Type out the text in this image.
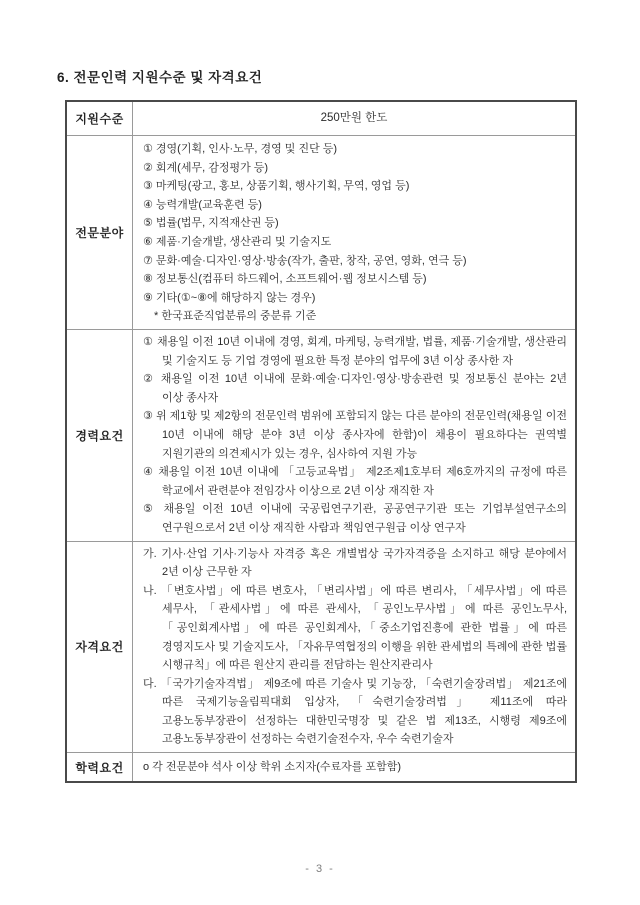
6. 전문인력 지원수준 및 자격요건
지원수준	250만원 한도
전문분야
① 경영(기획, 인사·노무, 경영 및 진단 등)
② 회계(세무, 감정평가 등)
③ 마케팅(광고, 홍보, 상품기획, 행사기획, 무역, 영업 등)
④ 능력개발(교육훈련 등)
⑤ 법률(법무, 지적재산권 등)
⑥ 제품·기술개발, 생산관리 및 기술지도
⑦ 문화·예술·디자인·영상·방송(작가, 출판, 창작, 공연, 영화, 연극 등)
⑧ 정보통신(컴퓨터 하드웨어, 소프트웨어·웹 정보시스템 등)
⑨ 기타(①~⑧에 해당하지 않는 경우)
* 한국표준직업분류의 중분류 기준
경력요건
① 채용일 이전 10년 이내에 경영, 회계, 마케팅, 능력개발, 법률, 제품·기술개발, 생산관리 및 기술지도 등 기업 경영에 필요한 특정 분야의 업무에 3년 이상 종사한 자
② 채용일 이전 10년 이내에 문화·예술·디자인·영상·방송관련 및 정보통신 분야는 2년 이상 종사자
③ 위 제1항 및 제2항의 전문인력 범위에 포함되지 않는 다른 분야의 전문인력(채용일 이전 10년 이내에 해당 분야 3년 이상 종사자에 한함)이 채용이 필요하다는 권역별 지원기관의 의견제시가 있는 경우, 심사하여 지원 가능
④ 채용일 이전 10년 이내에 「고등교육법」 제2조제1호부터 제6호까지의 규정에 따른 학교에서 관련분야 전임강사 이상으로 2년 이상 재직한 자
⑤ 채용일 이전 10년 이내에 국공립연구기관, 공공연구기관 또는 기업부설연구소의 연구원으로서 2년 이상 재직한 사람과 책임연구원급 이상 연구자
자격요건
가. 기사·산업 기사·기능사 자격증 혹은 개별법상 국가자격증을 소지하고 해당 분야에서 2년 이상 근무한 자
나. 「변호사법」에 따른 변호사, 「변리사법」에 따른 변리사, 「세무사법」에 따른 세무사, 「관세사법」에 따른 관세사, 「공인노무사법」에 따른 공인노무사, 「공인회계사법」에 따른 공인회계사,「중소기업진흥에 관한 법률」에 따른 경영지도사 및 기술지도사, 「자유무역협정의 이행을 위한 관세법의 특례에 관한 법률 시행규칙」에 따른 원산지 관리를 전담하는 원산지관리사
다. 「국가기술자격법」 제9조에 따른 기술사 및 기능장, 「숙련기술장려법」 제21조에 따른 국제기능올림픽대회 입상자, 「숙련기술장려법」 제11조에 따라 고용노동부장관이 선정하는 대한민국명장 및 같은 법 제13조, 시행령 제9조에 고용노동부장관이 선정하는 숙련기술전수자, 우수 숙련기술자
학력요건	o 각 전문분야 석사 이상 학위 소지자(수료자를 포함함)
- 3 -
